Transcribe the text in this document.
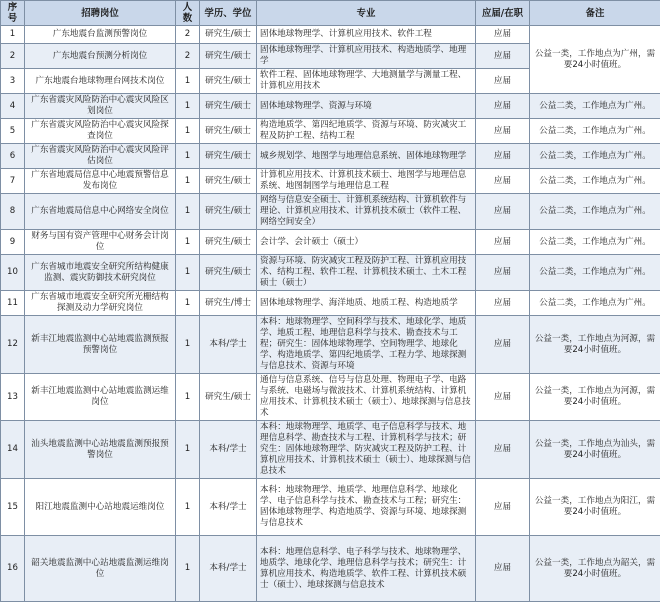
序号	招聘岗位	人数	学历、学位	专业	应届/在职	备注
1	广东地震台监测预警岗位	2	研究生/硕士	固体地球物理学、计算机应用技术、软件工程	应届	公益一类，工作地点为广州，需要24小时值班。
2	广东地震台预测分析岗位	2	研究生/硕士	固体地球物理学、计算机应用技术、构造地质学、地理学	应届	
3	广东地震台地球物理台网技术岗位	1	研究生/硕士	软件工程、固体地球物理学、大地测量学与测量工程、计算机应用技术	应届	
4	广东省震灾风险防治中心震灾风险区划岗位	1	研究生/硕士	固体地球物理学、资源与环境	应届	公益二类，工作地点为广州。
5	广东省震灾风险防治中心震灾风险探查岗位	1	研究生/硕士	构造地质学、第四纪地质学、资源与环境、防灾减灾工程及防护工程、结构工程	应届	公益二类，工作地点为广州。
6	广东省震灾风险防治中心震灾风险评估岗位	1	研究生/硕士	城乡规划学、地图学与地理信息系统、固体地球物理学	应届	公益二类，工作地点为广州。
7	广东省地震局信息中心地震预警信息发布岗位	1	研究生/硕士	计算机应用技术、计算机技术硕士、地图学与地理信息系统、地图制图学与地理信息工程	应届	公益二类，工作地点为广州。
8	广东省地震局信息中心网络安全岗位	1	研究生/硕士	网络与信息安全硕士、计算机系统结构、计算机软件与理论、计算机应用技术、计算机技术硕士（软件工程、网络空间安全）	应届	公益二类，工作地点为广州。
9	财务与国有资产管理中心财务会计岗位	1	研究生/硕士	会计学、会计硕士（硕士）	应届	公益二类，工作地点为广州。
10	广东省城市地震安全研究所结构健康监测、震灾防御技术研究岗位	1	研究生/硕士	资源与环境、防灾减灾工程及防护工程、计算机应用技术、结构工程、软件工程、计算机技术硕士、土木工程硕士（硕士）	应届	公益二类，工作地点为广州。
11	广东省城市地震安全研究所光栅结构探测及动力学研究岗位	1	研究生/博士	固体地球物理学、海洋地质、地质工程、构造地质学	应届	公益二类，工作地点为广州。
12	新丰江地震监测中心站地震监测预报预警岗位	1	本科/学士	本科：地球物理学、空间科学与技术、地球化学、地质学、地质工程、地理信息科学与技术、勘查技术与工程；研究生：固体地球物理学、空间物理学、地球化学、构造地质学、第四纪地质学、工程力学、地球探测与信息技术、资源与环境	应届	公益一类，工作地点为河源，需要24小时值班。
13	新丰江地震监测中心站地震监测运维岗位	1	研究生/硕士	通信与信息系统、信号与信息处理、物理电子学、电路与系统、电磁场与微波技术、计算机系统结构、计算机应用技术、计算机技术硕士（硕士）、地球探测与信息技术	应届	公益一类，工作地点为河源，需要24小时值班。
14	汕头地震监测中心站地震监测预报预警岗位	1	本科/学士	本科：地球物理学、地质学、电子信息科学与技术、地理信息科学、勘查技术与工程、计算机科学与技术；研究生：固体地球物理学、防灾减灾工程及防护工程、计算机应用技术、计算机技术硕士（硕士）、地球探测与信息技术	应届	公益一类，工作地点为汕头，需要24小时值班。
15	阳江地震监测中心站地震运维岗位	1	本科/学士	本科：地球物理学、地质学、地理信息科学、地球化学、电子信息科学与技术、勘查技术与工程；研究生：固体地球物理学、构造地质学、资源与环境、地球探测与信息技术	应届	公益一类，工作地点为阳江，需要24小时值班。
16	韶关地震监测中心站地震监测运维岗位	1	本科/学士	本科：地理信息科学、电子科学与技术、地球物理学、地质学、地球化学、地理信息科学与技术；研究生：计算机应用技术、构造地质学、软件工程、计算机技术硕士（硕士）、地球探测与信息技术	应届	公益一类，工作地点为韶关，需要24小时值班。
